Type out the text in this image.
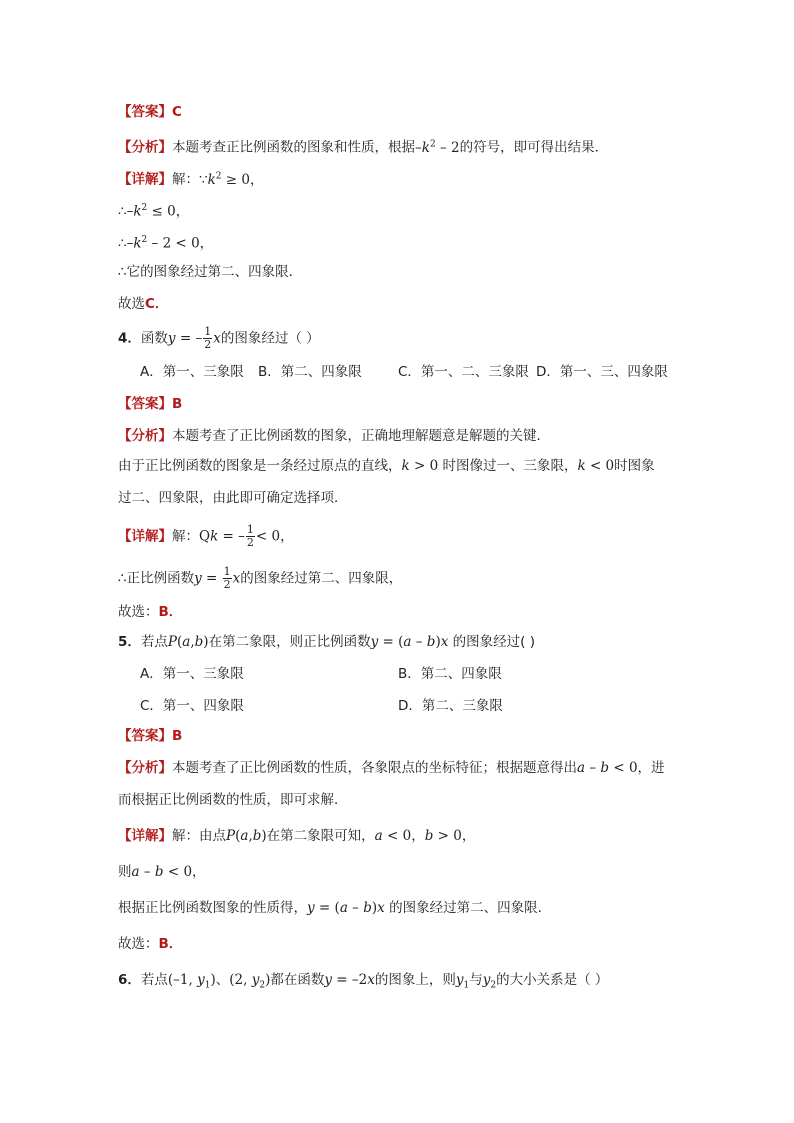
【答案】C
【分析】本题考查正比例函数的图象和性质，根据$-k^2 - 2$的符号，即可得出结果．
【详解】解：$\because k^2 \ge 0$，
$\therefore-k^2 \le 0$，
$\therefore-k^2 - 2 < 0$，
∴它的图象经过第二、四象限．
故选C．
4．函数y = – $\frac{1}{2}$ x的图象经过（ ）
A．第一、三象限 B．第二、四象限	C．第一、二、三象限 D．第一、三、四象限
【答案】B
【分析】本题考查了正比例函数的图象，正确地理解题意是解题的关键．
由于正比例函数的图象是一条经过原点的直线，k > 0 时图像过一、三象限，k < 0时图象
过二、四象限，由此即可确定选择项．
【详解】解：Qk = – $\frac{1}{2} < 0$，
∴正比例函数$y = \frac{1}{2}$ x的图象经过第二、四象限，
故选：B．
5．若点P(a,b)在第二象限，则正比例函数y = (a – b)x 的图象经过( )
A．第一、三象限	B．第二、四象限
C．第一、四象限	D．第二、三象限
【答案】B
【分析】本题考查了正比例函数的性质，各象限点的坐标特征；根据题意得出a – b < 0，进
而根据正比例函数的性质，即可求解．
【详解】解：由点P(a,b)在第二象限可知，a < 0，b > 0，
则a – b < 0，
根据正比例函数图象的性质得，y = (a – b)x 的图象经过第二、四象限．
故选：B．
6．若点(–1, $y_1$)、(2, $y_2$)都在函数y = –2x的图象上，则$y_1$与$y_2$的大小关系是（ ）
